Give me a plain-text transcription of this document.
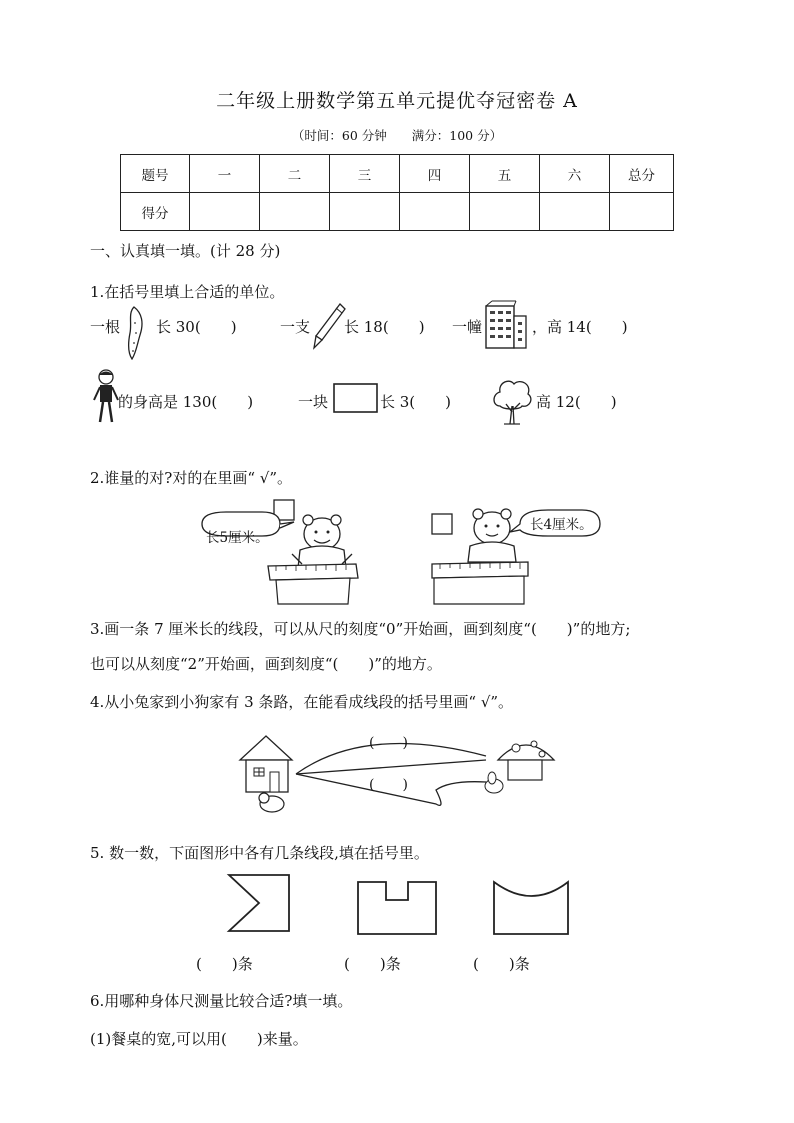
二年级上册数学第五单元提优夺冠密卷 A
（时间：60 分钟　　满分：100 分）
题号	一	二	三	四	五	六	总分
得分							
一、认真填一填。(计 28 分)
1.在括号里填上合适的单位。
一根 长 30(　　)	一支 长 18(　　) 一幢	，高 14(　　)
的身高是 130(　　)	一块	长 3(　　)	高 12(　　)
2.谁量的对?对的在里画“ √”。
长5厘米。
长4厘米。
3.画一条 7 厘米长的线段，可以从尺的刻度“0”开始画，画到刻度“(　　)”的地方;
也可以从刻度“2”开始画，画到刻度“(　　)”的地方。
4.从小兔家到小狗家有 3 条路，在能看成线段的括号里画“ √”。
(　　)
(　　)
5. 数一数，下面图形中各有几条线段,填在括号里。
(　　)条	(　　)条	(　　)条
6.用哪种身体尺测量比较合适?填一填。
(1)餐桌的宽,可以用(　　)来量。
